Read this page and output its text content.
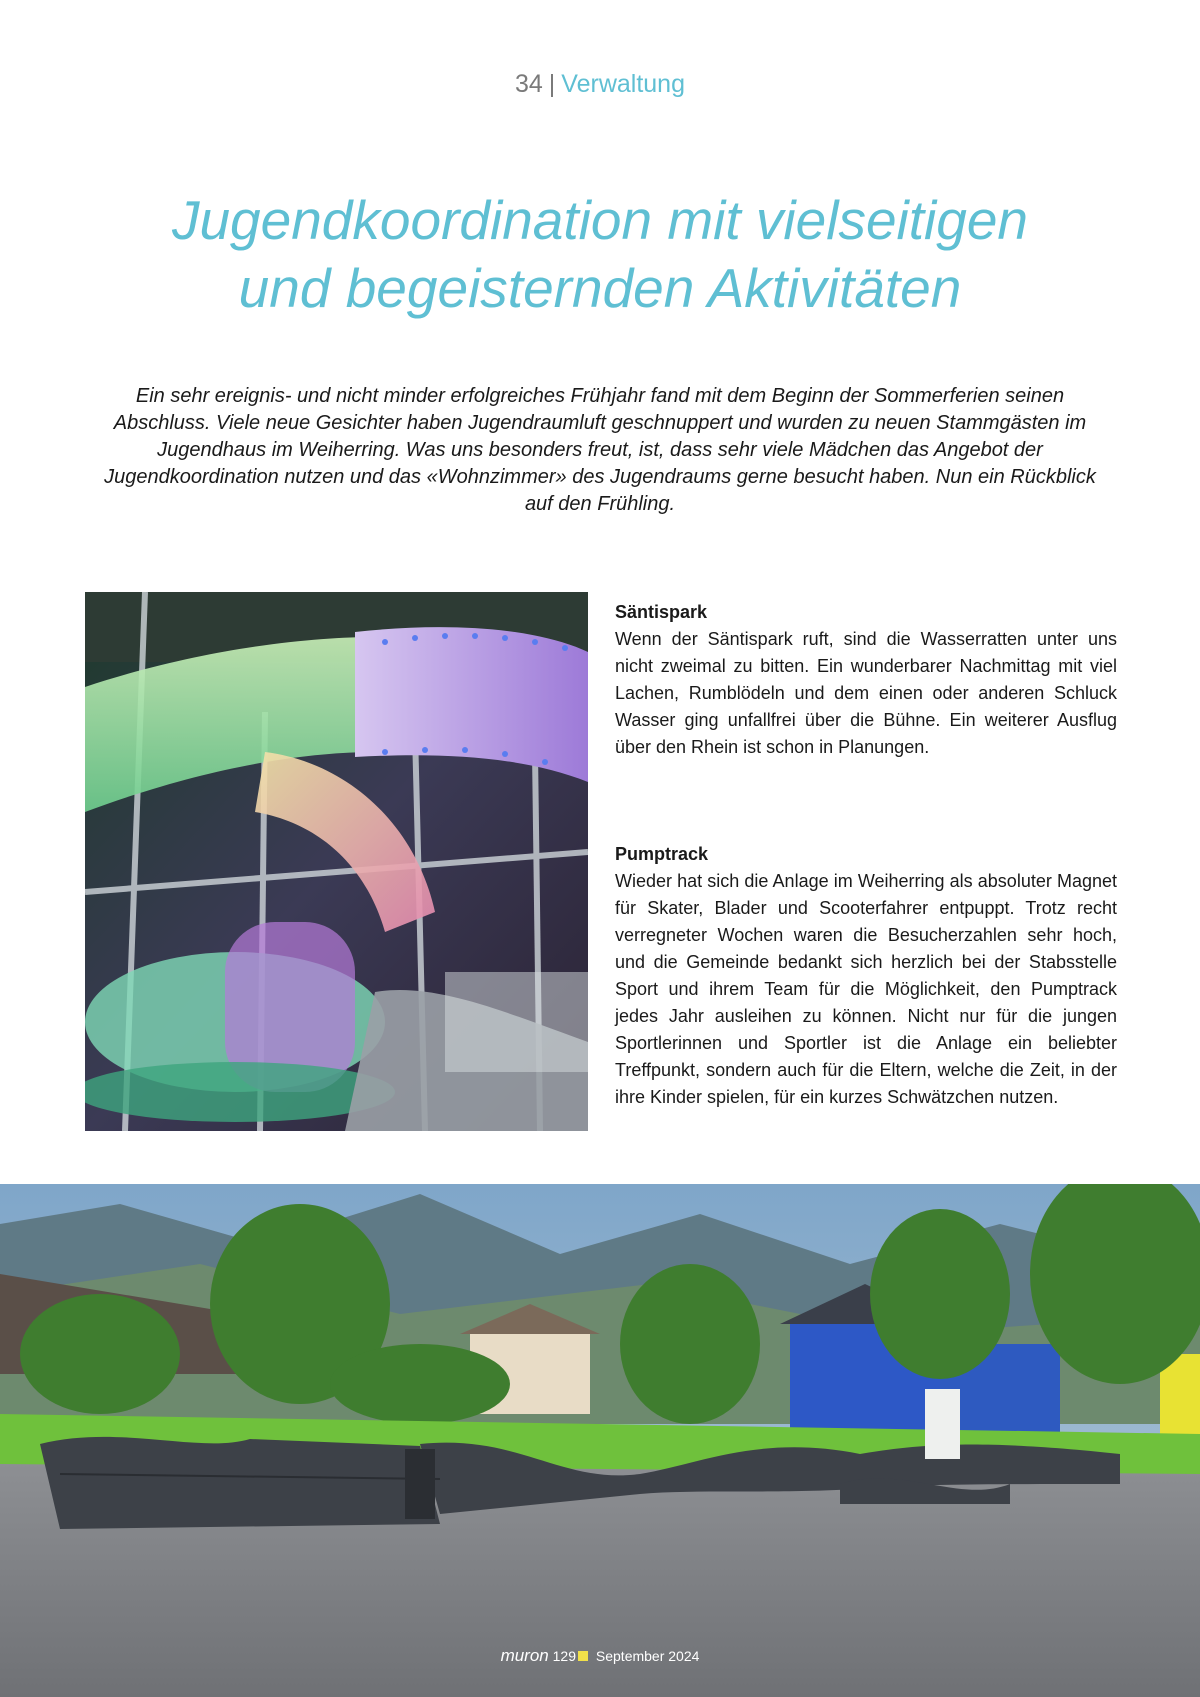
34 | Verwaltung
Jugendkoordination mit vielseitigen
und begeisternden Aktivitäten

Ein sehr ereignis- und nicht minder erfolgreiches Frühjahr fand mit dem Beginn der Sommerferien seinen Abschluss. Viele neue Gesichter haben Jugendraumluft geschnuppert und wurden zu neuen Stammgästen im Jugendhaus im Weiherring. Was uns besonders freut, ist, dass sehr viele Mädchen das Angebot der Jugendkoordination nutzen und das «Wohnzimmer» des Jugendraums gerne besucht haben. Nun ein Rückblick auf den Frühling.

Säntispark

Wenn der Säntispark ruft, sind die Wasserratten unter uns nicht zweimal zu bitten. Ein wunderbarer Nachmittag mit viel Lachen, Rumblödeln und dem einen oder anderen Schluck Wasser ging unfallfrei über die Bühne. Ein weiterer Ausflug über den Rhein ist schon in Planungen.

Pumptrack

Wieder hat sich die Anlage im Weiherring als absoluter Magnet für Skater, Blader und Scooterfahrer entpuppt. Trotz recht verregneter Wochen waren die Besucherzahlen sehr hoch, und die Gemeinde bedankt sich herzlich bei der Stabsstelle Sport und ihrem Team für die Möglichkeit, den Pumptrack jedes Jahr ausleihen zu können. Nicht nur für die jungen Sportlerinnen und Sportler ist die Anlage ein beliebter Treffpunkt, sondern auch für die Eltern, welche die Zeit, in der ihre Kinder spielen, für ein kurzes Schwätzchen nutzen.

muron 129 September 2024
